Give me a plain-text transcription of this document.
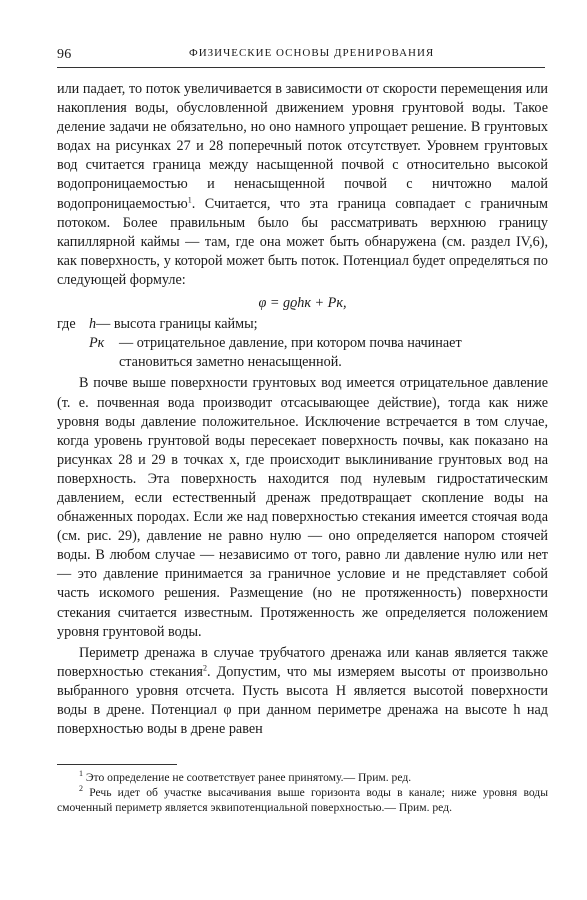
96	ФИЗИЧЕСКИЕ ОСНОВЫ ДРЕНИРОВАНИЯ

или падает, то поток увеличивается в зависимости от скорости перемещения или накопления воды, обусловленной движением уровня грунтовой воды. Такое деление задачи не обязательно, но оно намного упрощает решение. В грунтовых водах на рисунках 27 и 28 поперечный поток отсутствует. Уровнем грунтовых вод считается граница между насыщенной почвой с относительно высокой водопроницаемостью и ненасыщенной почвой с ничтожно малой водопроницаемостью$^1$. Считается, что эта граница совпадает с граничным потоком. Более правильным было бы рассматривать верхнюю границу капиллярной каймы — там, где она может быть обнаружена (см. раздел IV,6), как поверхность, у которой может быть поток. Потенциал будет определяться по следующей формуле:

φ = gϱhк + Pк,
где h — высота границы каймы;
Pк	— отрицательное давление, при котором почва начинает
становиться заметно ненасыщенной.

В почве выше поверхности грунтовых вод имеется отрицательное давление (т. е. почвенная вода производит отсасывающее действие), тогда как ниже уровня воды давление положительное. Исключение встречается в том случае, когда уровень грунтовой воды пересекает поверхность почвы, как показано на рисунках 28 и 29 в точках x, где происходит выклинивание грунтовых вод на поверхность. Эта поверхность находится под нулевым гидростатическим давлением, если естественный дренаж предотвращает скопление воды на обнаженных породах. Если же над поверхностью стекания имеется стоячая вода (см. рис. 29), давление не равно нулю — оно определяется напором стоячей воды. В любом случае — независимо от того, равно ли давление нулю или нет — это давление принимается за граничное условие и не представляет собой часть искомого решения. Размещение (но не протяженность) поверхности стекания считается известным. Протяженность же определяется положением уровня грунтовой воды.

Периметр дренажа в случае трубчатого дренажа или канав является также поверхностью стекания$^2$. Допустим, что мы измеряем высоты от произвольно выбранного уровня отсчета. Пусть высота H является высотой поверхности воды в дрене. Потенциал φ при данном периметре дренажа на высоте h над поверхностью воды в дрене равен

$^1$ Это определение не соответствует ранее принятому.— Прим. ред.

$^2$ Речь идет об участке высачивания выше горизонта воды в канале; ниже уровня воды смоченный периметр является эквипотенциальной поверхностью.— Прим. ред.
